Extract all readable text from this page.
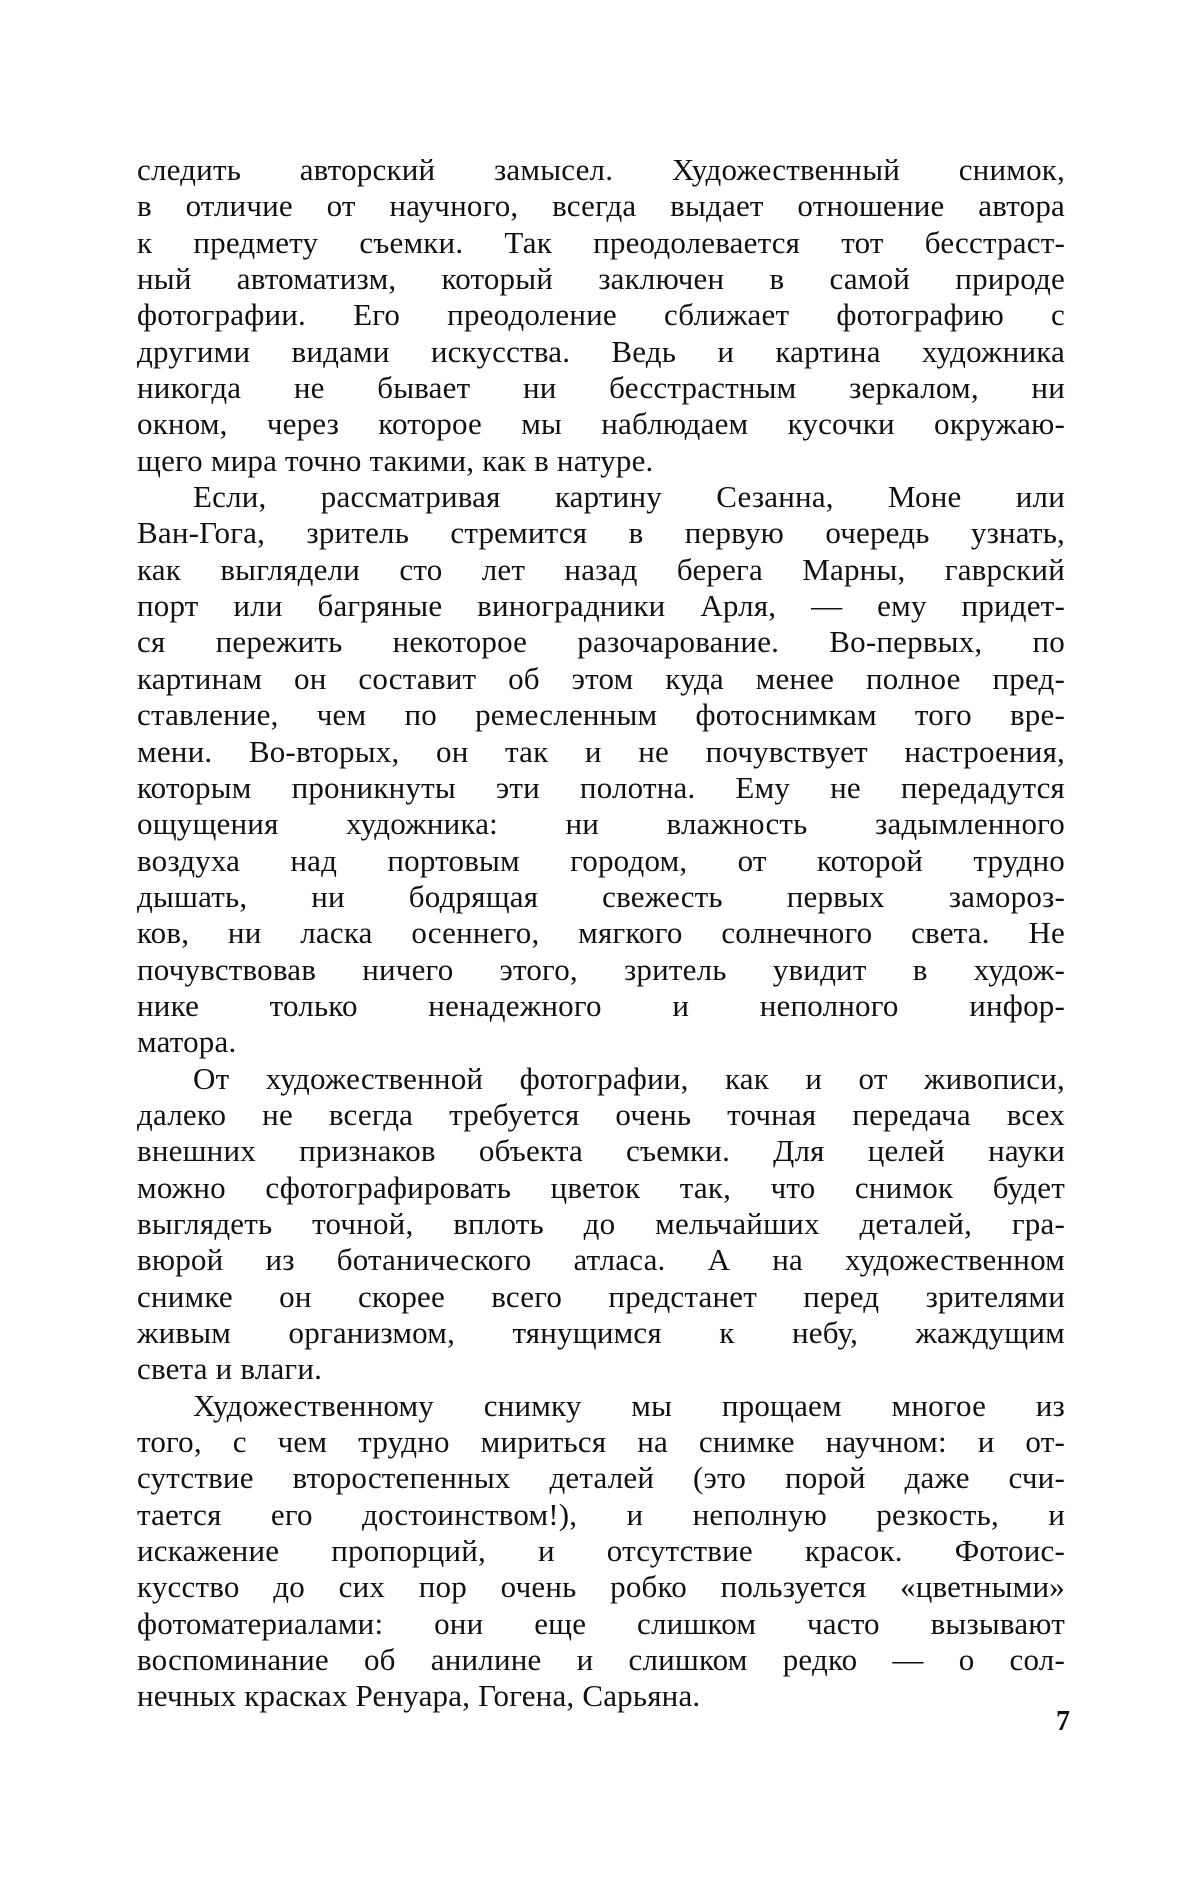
следить авторский замысел. Художественный снимок,
в отличие от научного, всегда выдает отношение автора
к предмету съемки. Так преодолевается тот бесстраст-
ный автоматизм, который заключен в самой природе
фотографии. Его преодоление сближает фотографию с
другими видами искусства. Ведь и картина художника
никогда не бывает ни бесстрастным зеркалом, ни
окном, через которое мы наблюдаем кусочки окружаю-
щего мира точно такими, как в натуре.
Если, рассматривая картину Сезанна, Моне или
Ван-Гога, зритель стремится в первую очередь узнать,
как выглядели сто лет назад берега Марны, гаврский
порт или багряные виноградники Арля, — ему придет-
ся пережить некоторое разочарование. Во-первых, по
картинам он составит об этом куда менее полное пред-
ставление, чем по ремесленным фотоснимкам того вре-
мени. Во-вторых, он так и не почувствует настроения,
которым проникнуты эти полотна. Ему не передадутся
ощущения художника: ни влажность задымленного
воздуха над портовым городом, от которой трудно
дышать, ни бодрящая свежесть первых замороз-
ков, ни ласка осеннего, мягкого солнечного света. Не
почувствовав ничего этого, зритель увидит в худож-
нике только ненадежного и неполного инфор-
матора.
От художественной фотографии, как и от живописи,
далеко не всегда требуется очень точная передача всех
внешних признаков объекта съемки. Для целей науки
можно сфотографировать цветок так, что снимок будет
выглядеть точной, вплоть до мельчайших деталей, гра-
вюрой из ботанического атласа. А на художественном
снимке он скорее всего предстанет перед зрителями
живым организмом, тянущимся к небу, жаждущим
света и влаги.
Художественному снимку мы прощаем многое из
того, с чем трудно мириться на снимке научном: и от-
сутствие второстепенных деталей (это порой даже счи-
тается его достоинством!), и неполную резкость, и
искажение пропорций, и отсутствие красок. Фотоис-
кусство до сих пор очень робко пользуется «цветными»
фотоматериалами: они еще слишком часто вызывают
воспоминание об анилине и слишком редко — о сол-
нечных красках Ренуара, Гогена, Сарьяна.
7
